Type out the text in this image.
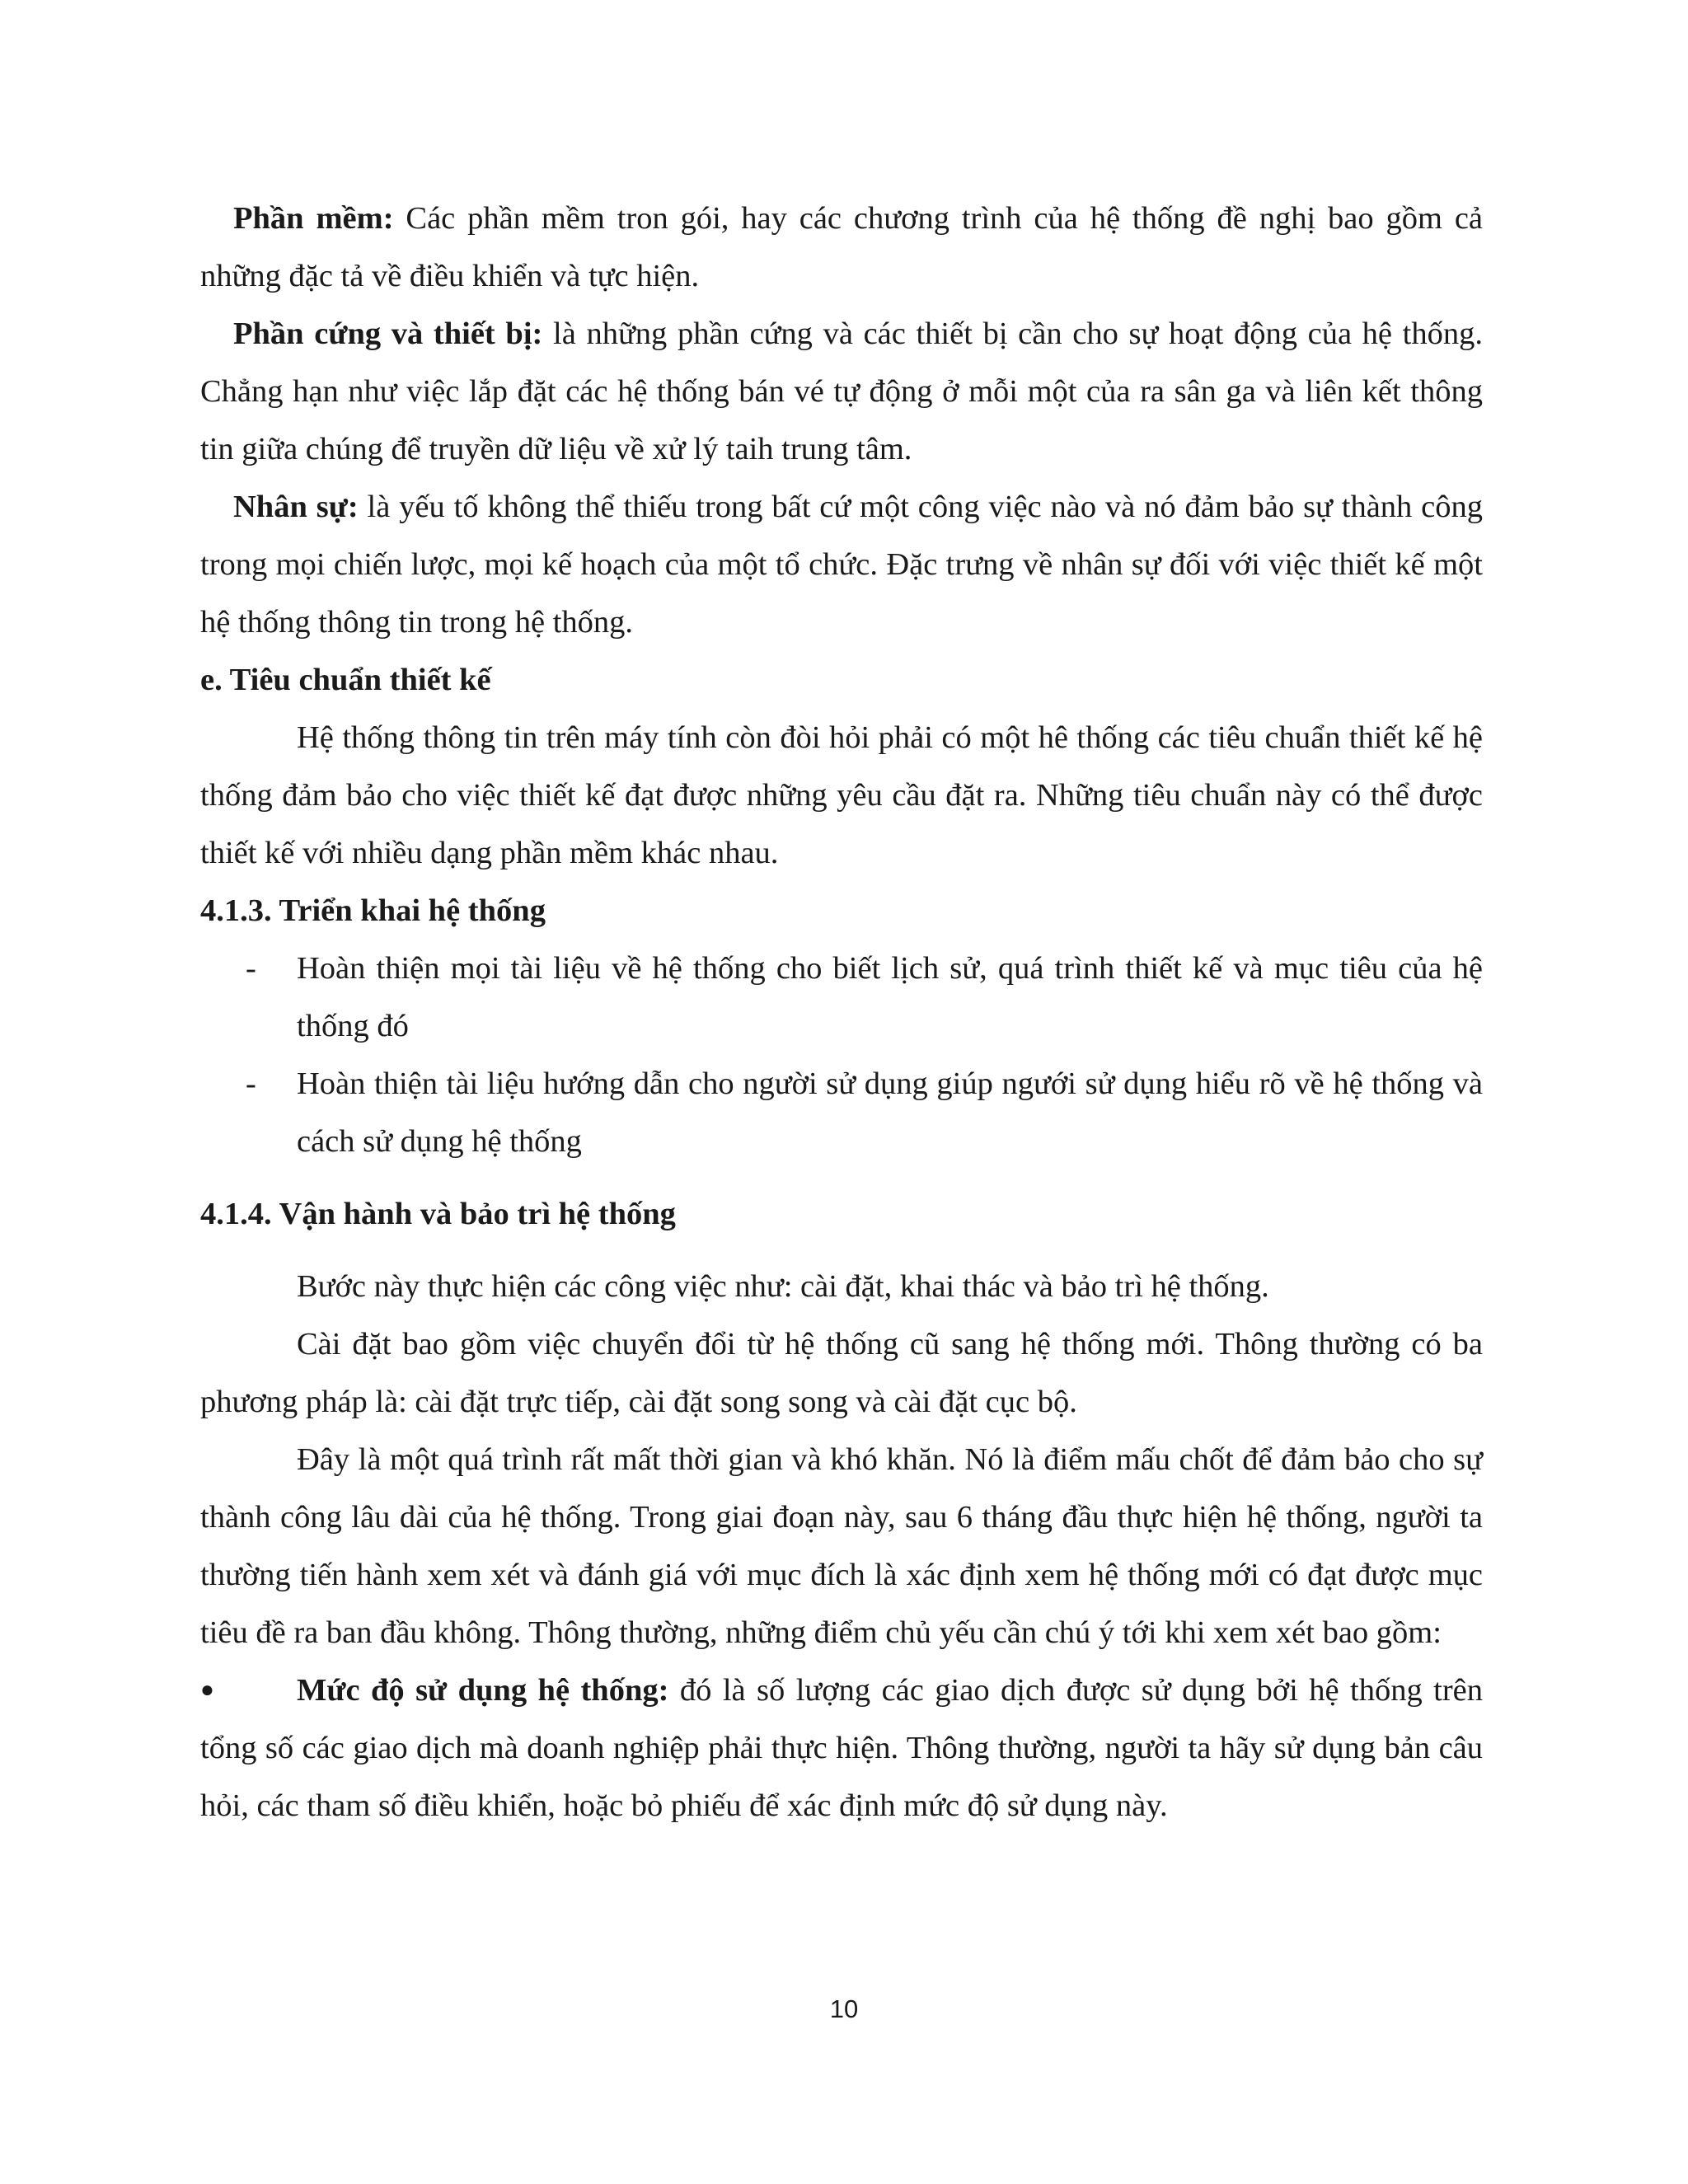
Phần mềm: Các phần mềm tron gói, hay các chương trình của hệ thống đề nghị bao gồm cả những đặc tả về điều khiển và tực hiện.

Phần cứng và thiết bị: là những phần cứng và các thiết bị cần cho sự hoạt động của hệ thống. Chẳng hạn như việc lắp đặt các hệ thống bán vé tự động ở mỗi một của ra sân ga và liên kết thông tin giữa chúng để truyền dữ liệu về xử lý taih trung tâm.

Nhân sự: là yếu tố không thể thiếu trong bất cứ một công việc nào và nó đảm bảo sự thành công trong mọi chiến lược, mọi kế hoạch của một tổ chức. Đặc trưng về nhân sự đối với việc thiết kế một hệ thống thông tin trong hệ thống.

e. Tiêu chuẩn thiết kế

Hệ thống thông tin trên máy tính còn đòi hỏi phải có một hê thống các tiêu chuẩn thiết kế hệ thống đảm bảo cho việc thiết kế đạt được những yêu cầu đặt ra. Những tiêu chuẩn này có thể được thiết kế với nhiều dạng phần mềm khác nhau.

4.1.3. Triển khai hệ thống

- Hoàn thiện mọi tài liệu về hệ thống cho biết lịch sử, quá trình thiết kế và mục tiêu của hệ thống đó

- Hoàn thiện tài liệu hướng dẫn cho người sử dụng giúp ngưới sử dụng hiểu rõ về hệ thống và cách sử dụng hệ thống

4.1.4. Vận hành và bảo trì hệ thống

Bước này thực hiện các công việc như: cài đặt, khai thác và bảo trì hệ thống.

Cài đặt bao gồm việc chuyển đổi từ hệ thống cũ sang hệ thống mới. Thông thường có ba phương pháp là: cài đặt trực tiếp, cài đặt song song và cài đặt cục bộ.

Đây là một quá trình rất mất thời gian và khó khăn. Nó là điểm mấu chốt để đảm bảo cho sự thành công lâu dài của hệ thống. Trong giai đoạn này, sau 6 tháng đầu thực hiện hệ thống, người ta thường tiến hành xem xét và đánh giá với mục đích là xác định xem hệ thống mới có đạt được mục tiêu đề ra ban đầu không. Thông thường, những điểm chủ yếu cần chú ý tới khi xem xét bao gồm:

●	Mức độ sử dụng hệ thống: đó là số lượng các giao dịch được sử dụng bởi hệ thống trên tổng số các giao dịch mà doanh nghiệp phải thực hiện. Thông thường, người ta hãy sử dụng bản câu hỏi, các tham số điều khiển, hoặc bỏ phiếu để xác định mức độ sử dụng này.

10
